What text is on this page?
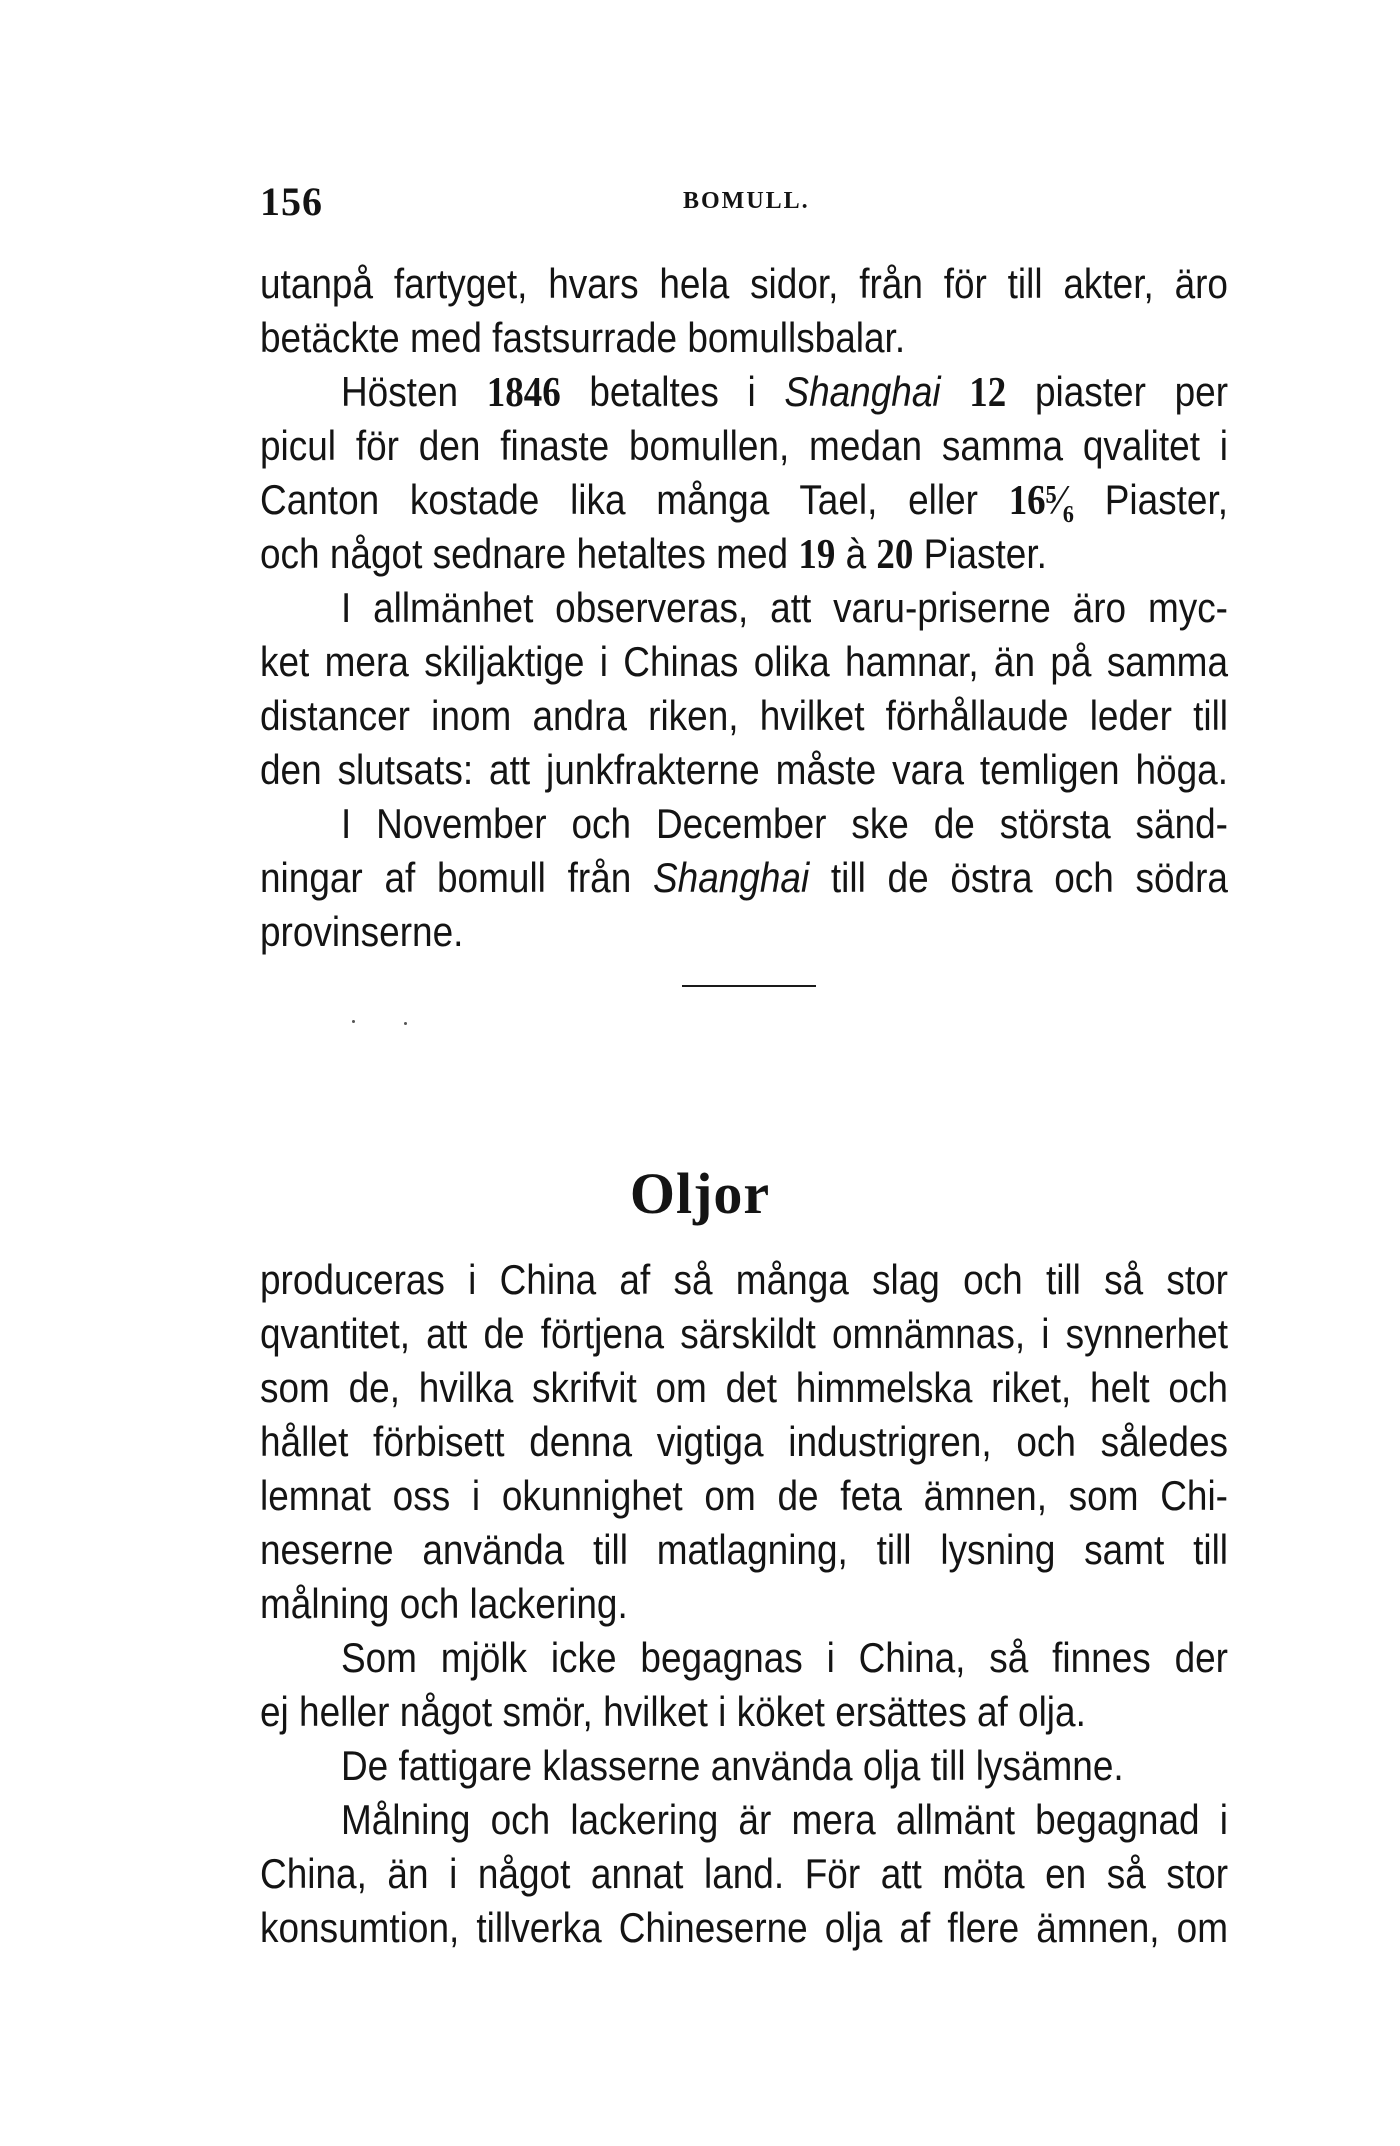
156	BOMULL.
utanpå fartyget, hvars hela sidor, från för till akter, äro
betäckte med fastsurrade bomullsbalar.
Hösten 1846 betaltes i Shanghai 12 piaster per
picul för den finaste bomullen, medan samma qvalitet i
Canton kostade lika många Tael, eller 16⁵⁄₆ Piaster,
och något sednare hetaltes med 19 à 20 Piaster.
I allmänhet observeras, att varu-priserne äro myc-
ket mera skiljaktige i Chinas olika hamnar, än på samma
distancer inom andra riken, hvilket förhållaude leder till
den slutsats: att junkfrakterne måste vara temligen höga.
I November och December ske de största sänd-
ningar af bomull från Shanghai till de östra och södra
provinserne.
Oljor
produceras i China af så många slag och till så stor
qvantitet, att de förtjena särskildt omnämnas, i synnerhet
som de, hvilka skrifvit om det himmelska riket, helt och
hållet förbisett denna vigtiga industrigren, och således
lemnat oss i okunnighet om de feta ämnen, som Chi-
neserne använda till matlagning, till lysning samt till
målning och lackering.
Som mjölk icke begagnas i China, så finnes der
ej heller något smör, hvilket i köket ersättes af olja.
De fattigare klasserne använda olja till lysämne.
Målning och lackering är mera allmänt begagnad i
China, än i något annat land. För att möta en så stor
konsumtion, tillverka Chineserne olja af flere ämnen, om
